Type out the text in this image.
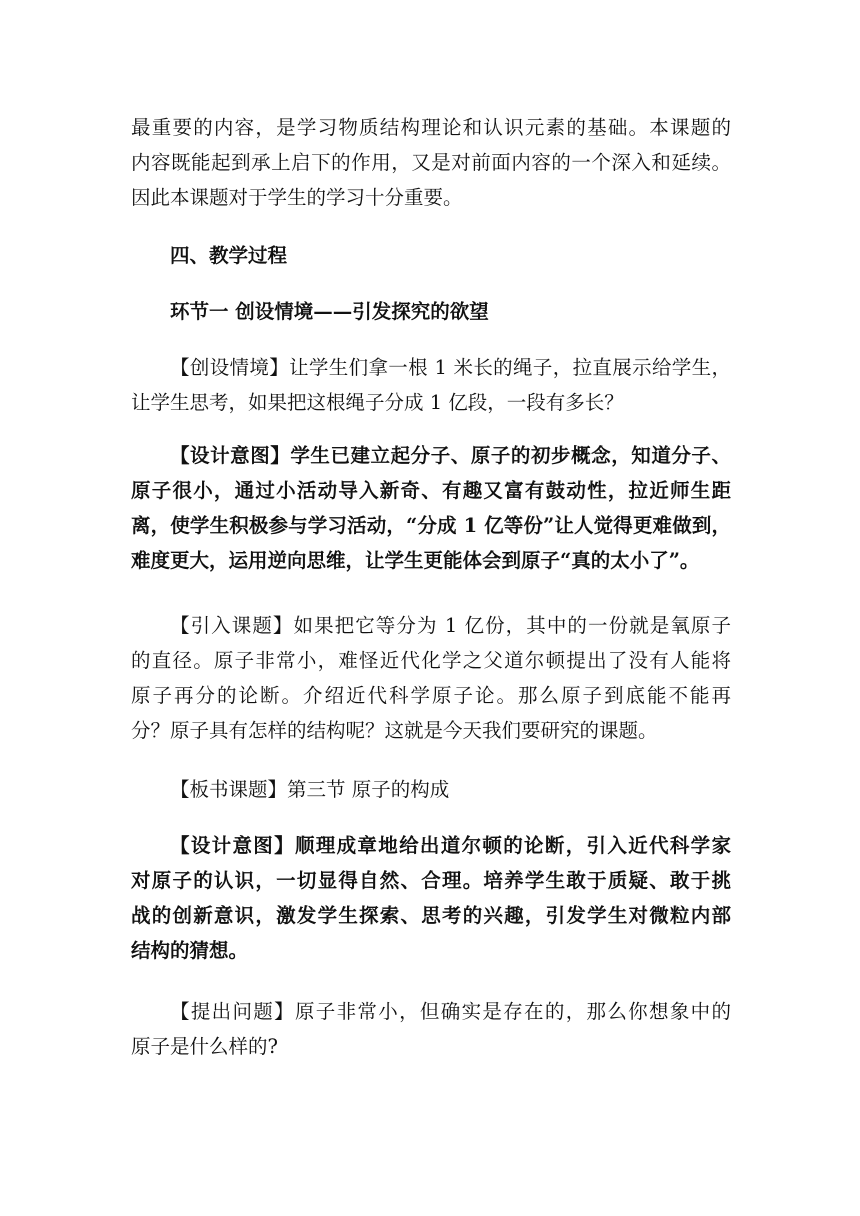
最重要的内容，是学习物质结构理论和认识元素的基础。本课题的
内容既能起到承上启下的作用，又是对前面内容的一个深入和延续。
因此本课题对于学生的学习十分重要。
四、教学过程
环节一 创设情境——引发探究的欲望
【创设情境】让学生们拿一根 1 米长的绳子，拉直展示给学生，
让学生思考，如果把这根绳子分成 1 亿段，一段有多长？
【设计意图】学生已建立起分子、原子的初步概念，知道分子、
原子很小，通过小活动导入新奇、有趣又富有鼓动性，拉近师生距
离，使学生积极参与学习活动，“分成 1 亿等份”让人觉得更难做到，
难度更大，运用逆向思维，让学生更能体会到原子“真的太小了”。
【引入课题】如果把它等分为 1 亿份，其中的一份就是氧原子
的直径。原子非常小，难怪近代化学之父道尔顿提出了没有人能将
原子再分的论断。介绍近代科学原子论。那么原子到底能不能再
分？原子具有怎样的结构呢？这就是今天我们要研究的课题。
【板书课题】第三节 原子的构成
【设计意图】顺理成章地给出道尔顿的论断，引入近代科学家
对原子的认识，一切显得自然、合理。培养学生敢于质疑、敢于挑
战的创新意识，激发学生探索、思考的兴趣，引发学生对微粒内部
结构的猜想。
【提出问题】原子非常小，但确实是存在的，那么你想象中的
原子是什么样的?
